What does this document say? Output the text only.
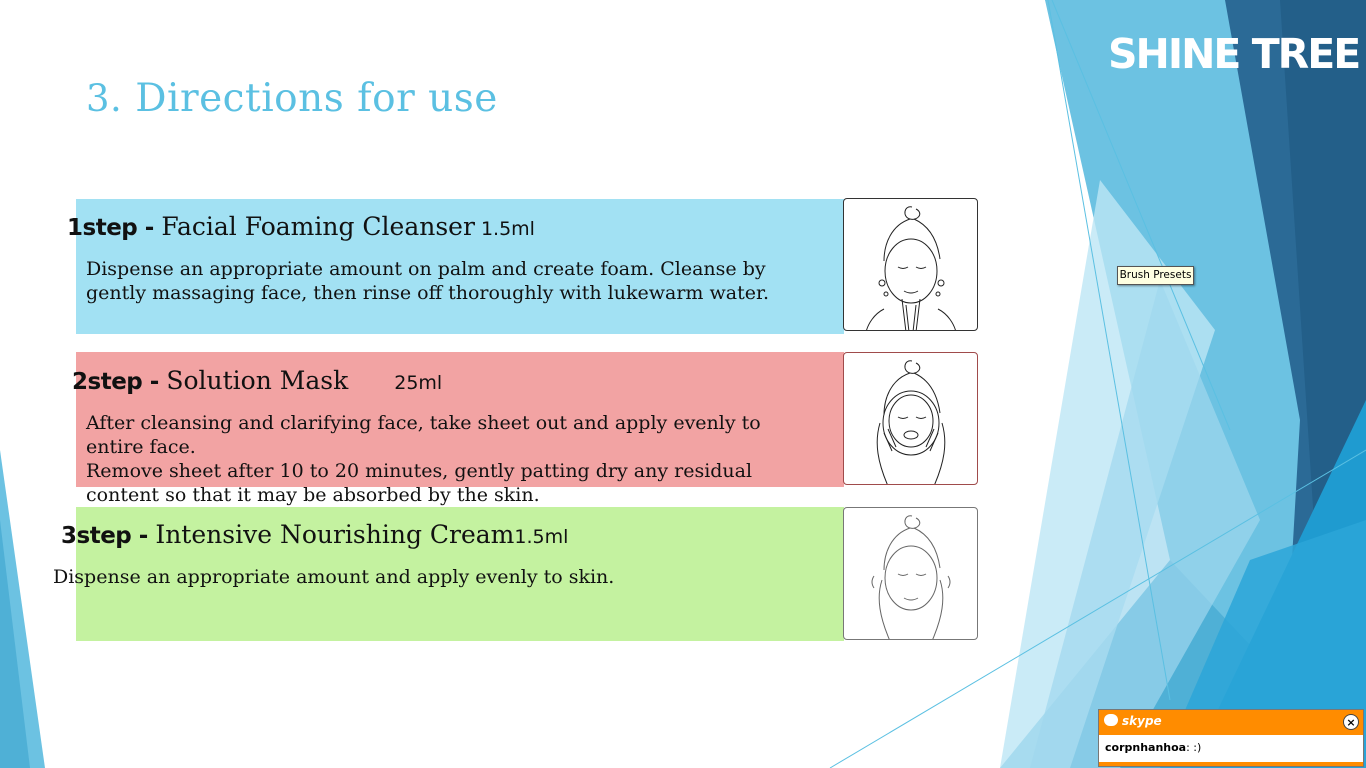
3. Directions for use
SHINE TREE
1step - Facial Foaming Cleanser 1.5ml
Dispense an appropriate amount on palm and create foam. Cleanse by gently massaging face, then rinse off thoroughly with lukewarm water.
2step - Solution Mask 25ml
After cleansing and clarifying face, take sheet out and apply evenly to entire face.
Remove sheet after 10 to 20 minutes, gently patting dry any residual content so that it may be absorbed by the skin.
3step - Intensive Nourishing Cream1.5ml
Dispense an appropriate amount and apply evenly to skin.
Brush Presets
skype	×
corpnhanhoa: :)
